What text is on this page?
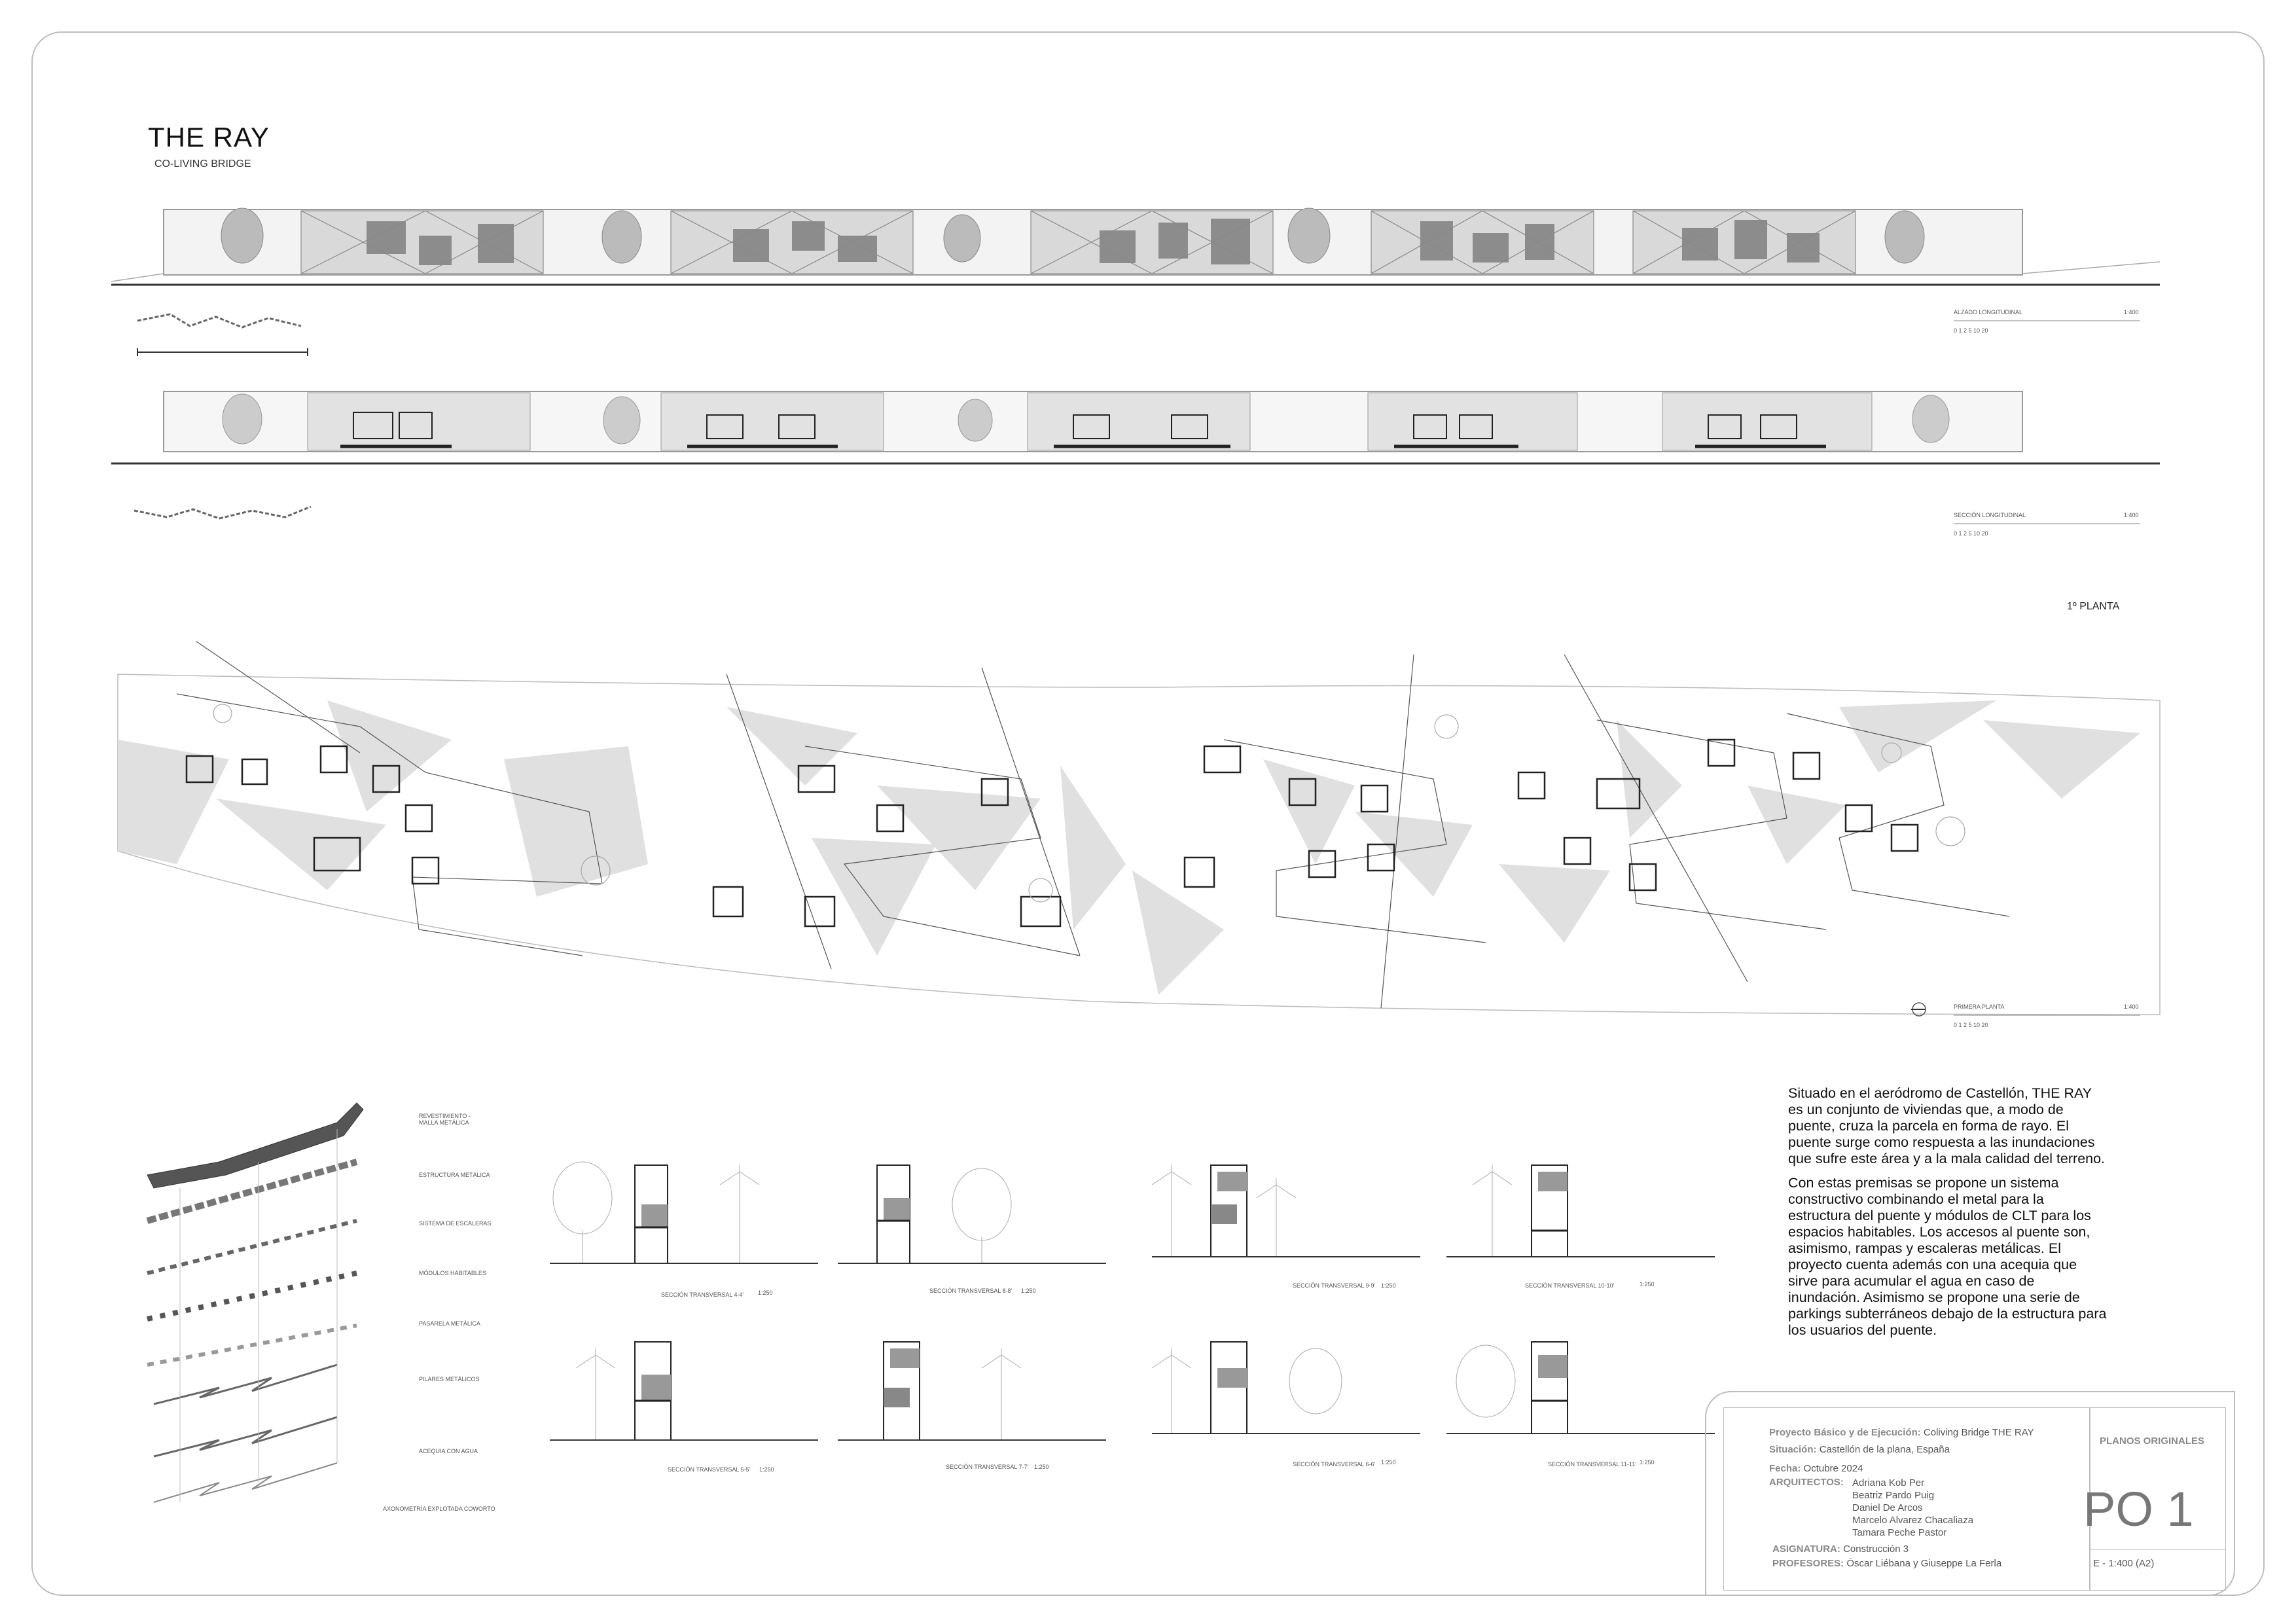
THE RAY
CO-LIVING BRIDGE
ALZADO LONGITUDINAL	1:400
0 1 2 5 10 20
SECCIÓN LONGITUDINAL	1:400
0 1 2 5 10 20
1º PLANTA
PRIMERA PLANTA	1:400
0 1 2 5 10 20
REVESTIMIENTO - MALLA METÁLICA
ESTRUCTURA METÁLICA
SISTEMA DE ESCALERAS
MÓDULOS HABITABLES
PASARELA METÁLICA
PILARES METÁLICOS
ACEQUIA CON AGUA
AXONOMETRÍA EXPLOTADA COWORTO
SECCIÓN TRANSVERSAL 4-4' 1:250	SECCIÓN TRANSVERSAL 8-8' 1:250
SECCIÓN TRANSVERSAL 9-9' 1:250	SECCIÓN TRANSVERSAL 10-10'	1:250
SECCIÓN TRANSVERSAL 5-5' 1:250	SECCIÓN TRANSVERSAL 7-7' 1:250	SECCIÓN TRANSVERSAL 6-6' 1:250	SECCIÓN TRANSVERSAL 11-11' 1:250

Situado en el aeródromo de Castellón, THE RAY es un conjunto de viviendas que, a modo de puente, cruza la parcela en forma de rayo. El puente surge como respuesta a las inundaciones que sufre este área y a la mala calidad del terreno.

Con estas premisas se propone un sistema constructivo combinando el metal para la estructura del puente y módulos de CLT para los espacios habitables. Los accesos al puente son, asimismo, rampas y escaleras metálicas. El proyecto cuenta además con una acequia que sirve para acumular el agua en caso de inundación. Asimismo se propone una serie de parkings subterráneos debajo de la estructura para los usuarios del puente.

Proyecto Básico y de Ejecución: Coliving Bridge THE RAY
Situación: Castellón de la plana, España
Fecha: Octubre 2024
ARQUITECTOS: Adriana Kob Per
Beatriz Pardo Puig
Daniel De Arcos
Marcelo Alvarez Chacaliaza
Tamara Peche Pastor
ASIGNATURA: Construcción 3
PROFESORES: Óscar Liébana y Giuseppe La Ferla
PLANOS ORIGINALES
PO 1
E - 1:400 (A2)
